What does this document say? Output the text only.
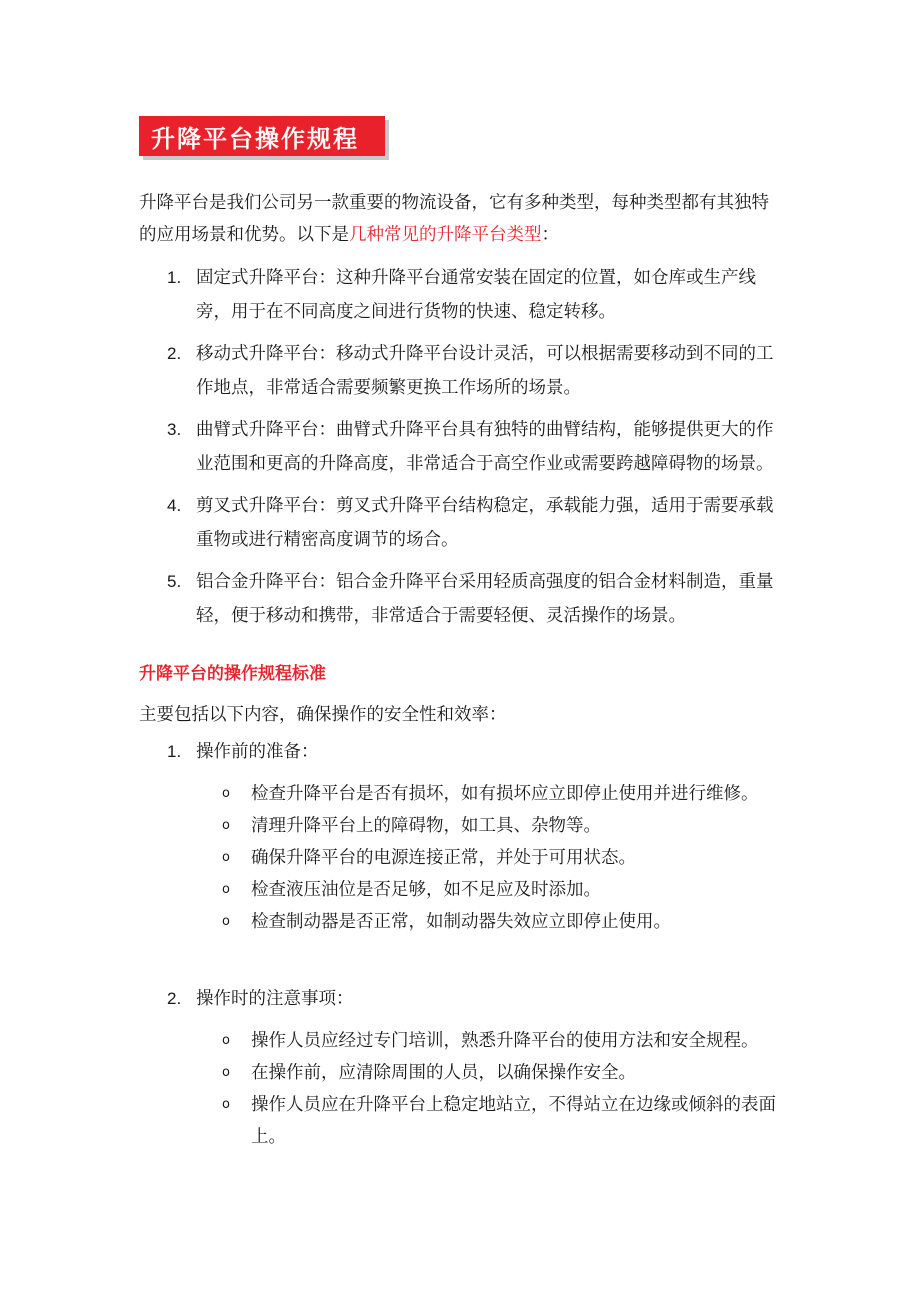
升降平台操作规程

升降平台是我们公司另一款重要的物流设备，它有多种类型，每种类型都有其独特的应用场景和优势。以下是几种常见的升降平台类型：

1. 固定式升降平台：这种升降平台通常安装在固定的位置，如仓库或生产线旁，用于在不同高度之间进行货物的快速、稳定转移。
2. 移动式升降平台：移动式升降平台设计灵活，可以根据需要移动到不同的工作地点，非常适合需要频繁更换工作场所的场景。
3. 曲臂式升降平台：曲臂式升降平台具有独特的曲臂结构，能够提供更大的作业范围和更高的升降高度，非常适合于高空作业或需要跨越障碍物的场景。
4. 剪叉式升降平台：剪叉式升降平台结构稳定，承载能力强，适用于需要承载重物或进行精密高度调节的场合。
5. 铝合金升降平台：铝合金升降平台采用轻质高强度的铝合金材料制造，重量轻，便于移动和携带，非常适合于需要轻便、灵活操作的场景。
升降平台的操作规程标准

主要包括以下内容，确保操作的安全性和效率：

1. 操作前的准备：
o 检查升降平台是否有损坏，如有损坏应立即停止使用并进行维修。
o 清理升降平台上的障碍物，如工具、杂物等。
o 确保升降平台的电源连接正常，并处于可用状态。
o 检查液压油位是否足够，如不足应及时添加。
o 检查制动器是否正常，如制动器失效应立即停止使用。
2. 操作时的注意事项：
o 操作人员应经过专门培训，熟悉升降平台的使用方法和安全规程。
o 在操作前，应清除周围的人员，以确保操作安全。
o 操作人员应在升降平台上稳定地站立，不得站立在边缘或倾斜的表面上。
